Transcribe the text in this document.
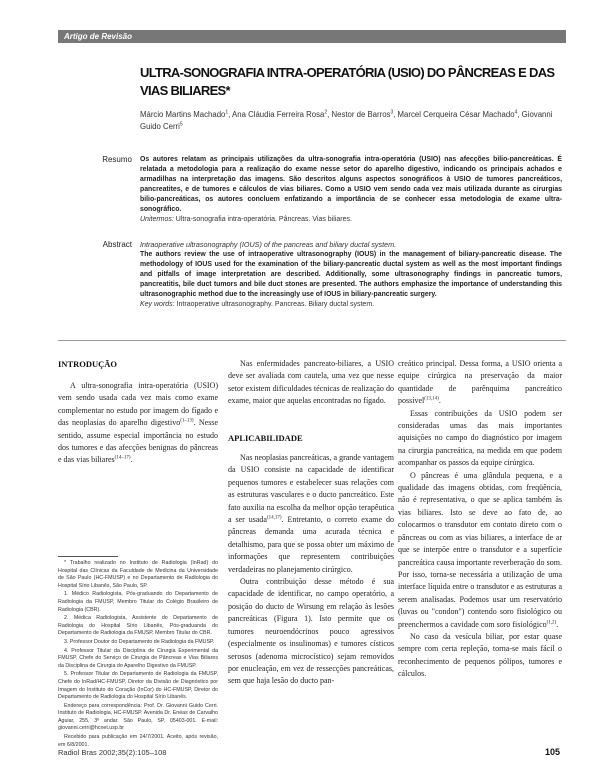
Artigo de Revisão
ULTRA-SONOGRAFIA INTRA-OPERATÓRIA (USIO) DO PÂNCREAS E DAS VIAS BILIARES*
Márcio Martins Machado$^1$, Ana Cláudia Ferreira Rosa$^2$, Nestor de Barros$^3$, Marcel Cerqueira César Machado$^4$, Giovanni Guido Cerri$^5$
Resumo Os autores relatam as principais utilizações da ultra-sonografia intra-operatória (USIO) nas afecções bilio-pancreáticas. É relatada a metodologia para a realização do exame nesse setor do aparelho digestivo, indicando os principais achados e armadilhas na interpretação das imagens. São descritos alguns aspectos sonográficos à USIO de tumores pancreáticos, pancreatites, e de tumores e cálculos de vias biliares. Como a USIO vem sendo cada vez mais utilizada durante as cirurgias bilio-pancreáticas, os autores concluem enfatizando a importância de se conhecer essa metodologia de exame ultra-sonográfico.
Unitermos: Ultra-sonografia intra-operatória. Pâncreas. Vias biliares.
Abstract Intraoperative ultrasonography (IOUS) of the pancreas and biliary ductal system.
The authors review the use of intraoperative ultrasonography (IOUS) in the management of biliary-pancreatic disease. The methodology of IOUS used for the examination of the biliary-pancreatic ductal system as well as the most important findings and pitfalls of image interpretation are described. Additionally, some ultrasonography findings in pancreatic tumors, pancreatitis, bile duct tumors and bile duct stones are presented. The authors emphasize the importance of understanding this ultrasonographic method due to the increasingly use of IOUS in biliary-pancreatic surgery.
Key words: Intraoperative ultrasonography. Pancreas. Biliary ductal system.
INTRODUÇÃO

A ultra-sonografia intra-operatória (USIO) vem sendo usada cada vez mais como exame complementar no estudo por imagem do fígado e das neoplasias do aparelho digestivo$^{(1-13)}$. Nesse sentido, assume especial importância no estudo dos tumores e das afecções benignas do pâncreas e das vias biliares$^{(14-17)}$.

* Trabalho realizado no Instituto de Radiologia (InRad) do Hospital das Clínicas da Faculdade de Medicina da Universidade de São Paulo (HC-FMUSP) e no Departamento de Radiologia do Hospital Sírio Libanês, São Paulo, SP.

1. Médico Radiologista, Pós-graduando do Departamento de Radiologia da FMUSP, Membro Titular do Colégio Brasileiro de Radiologia (CBR).

2. Médica Radiologista, Assistente do Departamento de Radiologia do Hospital Sírio Libanês, Pós-graduanda do Departamento de Radiologia da FMUSP, Membro Titular do CBR.

3. Professor Doutor do Departamento de Radiologia da FMUSP.

4. Professor Titular da Disciplina de Cirurgia Experimental da FMUSP, Chefe do Serviço de Cirurgia de Pâncreas e Vias Biliares da Disciplina de Cirurgia do Aparelho Digestivo da FMUSP.

5. Professor Titular do Departamento de Radiologia da FMUSP, Chefe do InRad/HC-FMUSP, Diretor da Divisão de Diagnóstico por Imagem do Instituto do Coração (InCor) do HC-FMUSP, Diretor do Departamento de Radiologia do Hospital Sírio Libanês.

Endereço para correspondência: Prof. Dr. Giovanni Guido Cerri. Instituto de Radiologia, HC-FMUSP. Avenida Dr. Enéas de Carvalho Aguiar, 255, 3º andar. São Paulo, SP, 05403-001. E-mail: giovanni.cerri@hcnet.usp.br

Recebido para publicação em 24/7/2001. Aceito, após revisão, em 6/8/2001.

Nas enfermidades pancreato-biliares, a USIO deve ser avaliada com cautela, uma vez que nesse setor existem dificuldades técnicas de realização do exame, maior que aquelas encontradas no fígado.

APLICABILIDADE

Nas neoplasias pancreáticas, a grande vantagem da USIO consiste na capacidade de identificar pequenos tumores e estabelecer suas relações com as estruturas vasculares e o ducto pancreático. Este fato auxilia na escolha da melhor opção terapêutica a ser usada$^{(14,17)}$. Entretanto, o correto exame do pâncreas demanda uma acurada técnica e detalhismo, para que se possa obter um máximo de informações que representem contribuições verdadeiras no planejamento cirúrgico.

Outra contribuição desse método é sua capacidade de identificar, no campo operatório, a posição do ducto de Wirsung em relação às lesões pancreáticas (Figura 1). Isto permite que os tumores neuroendócrinos pouco agressivos (especialmente os insulinomas) e tumores císticos serosos (adenoma microcístico) sejam removidos por enucleação, em vez de ressecções pancreáticas, sem que haja lesão do ducto pan-

creático principal. Dessa forma, a USIO orienta a equipe cirúrgica na preservação da maior quantidade de parênquima pancreático possível$^{(13,14)}$.

Essas contribuições da USIO podem ser consideradas umas das mais importantes aquisições no campo do diagnóstico por imagem na cirurgia pancreática, na medida em que podem acompanhar os passos da equipe cirúrgica.

O pâncreas é uma glândula pequena, e a qualidade das imagens obtidas, com freqüência, não é representativa, o que se aplica também às vias biliares. Isto se deve ao fato de, ao colocarmos o transdutor em contato direto com o pâncreas ou com as vias biliares, a interface de ar que se interpõe entre o transdutor e a superfície pancreática causa importante reverberação do som. Por isso, torna-se necessária a utilização de uma interface líquida entre o transdutor e as estruturas a serem analisadas. Podemos usar um reservatório (luvas ou "condon") contendo soro fisiológico ou preenchermos a cavidade com soro fisiológico$^{(1,2)}$.

No caso da vesícula biliar, por estar quase sempre com certa repleção, torna-se mais fácil o reconhecimento de pequenos pólipos, tumores e cálculos.

Radiol Bras 2002;35(2):105–108	105
